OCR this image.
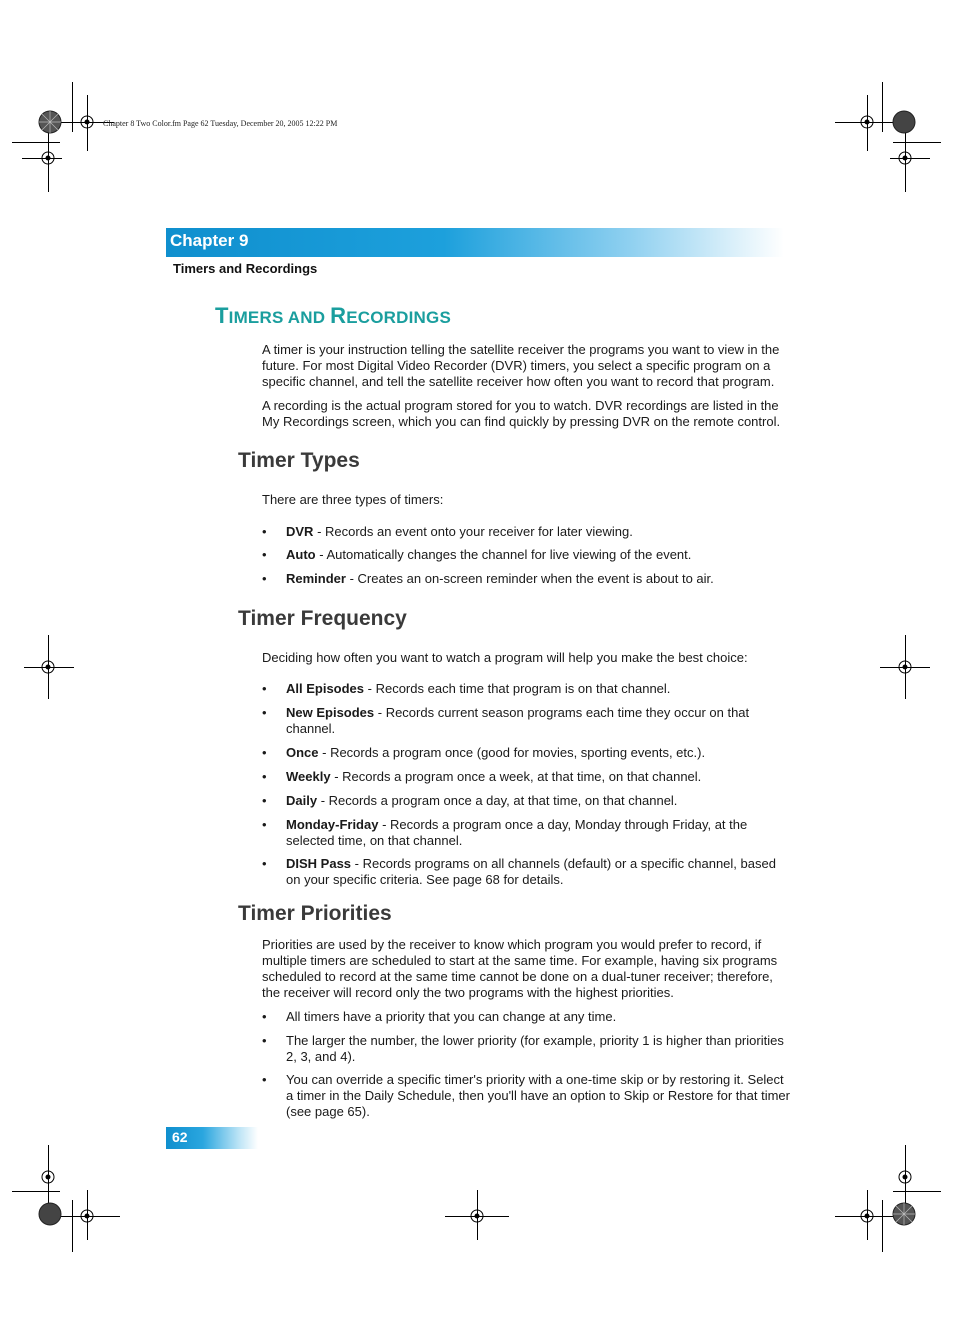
Chapter 8 Two Color.fm Page 62 Tuesday, December 20, 2005 12:22 PM
Chapter 9
Timers and Recordings
TIMERS AND RECORDINGS
A timer is your instruction telling the satellite receiver the programs you want to view in the future. For most Digital Video Recorder (DVR) timers, you select a specific program on a specific channel, and tell the satellite receiver how often you want to record that program.
A recording is the actual program stored for you to watch. DVR recordings are listed in the My Recordings screen, which you can find quickly by pressing DVR on the remote control.
Timer Types
There are three types of timers:
• DVR - Records an event onto your receiver for later viewing.
• Auto - Automatically changes the channel for live viewing of the event.
• Reminder - Creates an on-screen reminder when the event is about to air.
Timer Frequency
Deciding how often you want to watch a program will help you make the best choice:
• All Episodes - Records each time that program is on that channel.
• New Episodes - Records current season programs each time they occur on that channel.
• Once - Records a program once (good for movies, sporting events, etc.).
• Weekly - Records a program once a week, at that time, on that channel.
• Daily - Records a program once a day, at that time, on that channel.
• Monday-Friday - Records a program once a day, Monday through Friday, at the selected time, on that channel.
• DISH Pass - Records programs on all channels (default) or a specific channel, based on your specific criteria. See page 68 for details.
Timer Priorities
Priorities are used by the receiver to know which program you would prefer to record, if multiple timers are scheduled to start at the same time. For example, having six programs scheduled to record at the same time cannot be done on a dual-tuner receiver; therefore, the receiver will record only the two programs with the highest priorities.
• All timers have a priority that you can change at any time.
• The larger the number, the lower priority (for example, priority 1 is higher than priorities 2, 3, and 4).
• You can override a specific timer's priority with a one-time skip or by restoring it. Select a timer in the Daily Schedule, then you'll have an option to Skip or Restore for that timer (see page 65).
62
